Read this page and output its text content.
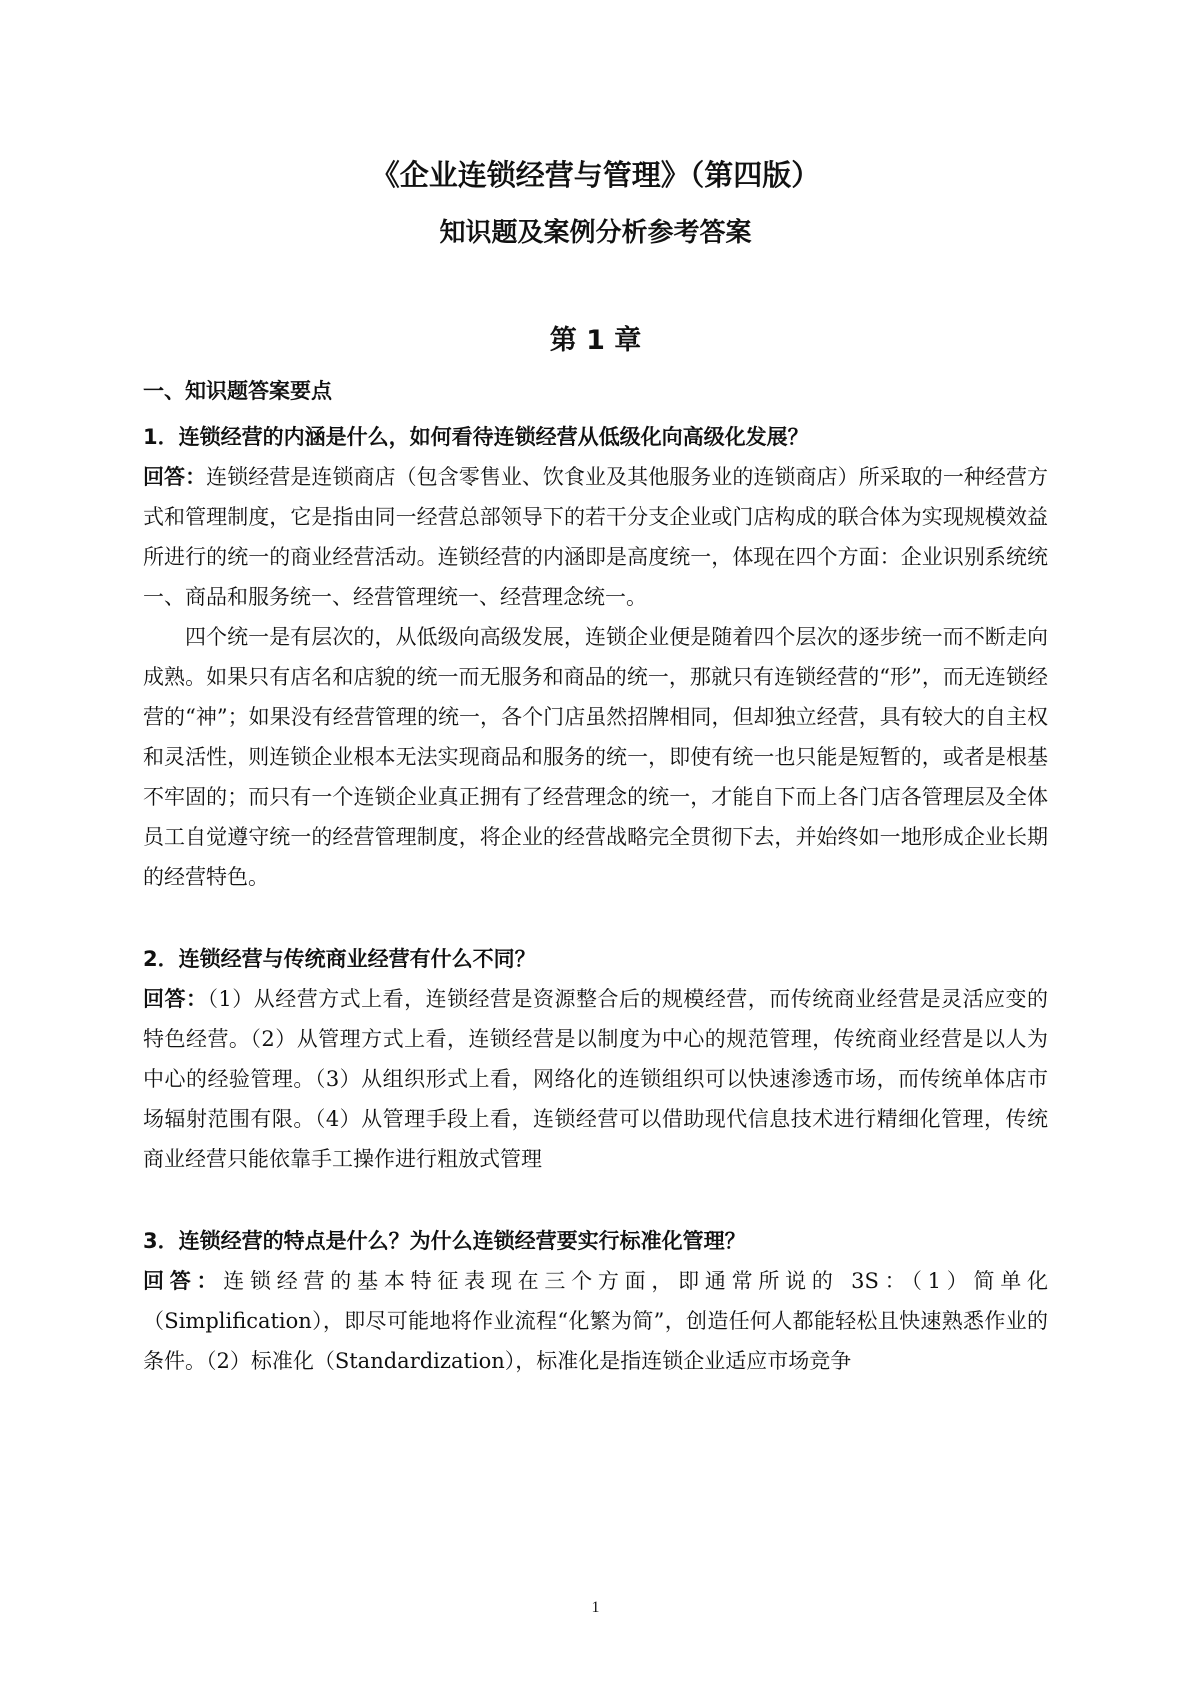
《企业连锁经营与管理》（第四版）
知识题及案例分析参考答案
第 1 章
一、知识题答案要点
1．连锁经营的内涵是什么，如何看待连锁经营从低级化向高级化发展？

回答：连锁经营是连锁商店（包含零售业、饮食业及其他服务业的连锁商店）所采取的一种经营方式和管理制度，它是指由同一经营总部领导下的若干分支企业或门店构成的联合体为实现规模效益所进行的统一的商业经营活动。连锁经营的内涵即是高度统一，体现在四个方面：企业识别系统统一、商品和服务统一、经营管理统一、经营理念统一。

四个统一是有层次的，从低级向高级发展，连锁企业便是随着四个层次的逐步统一而不断走向成熟。如果只有店名和店貌的统一而无服务和商品的统一，那就只有连锁经营的“形”，而无连锁经营的“神”；如果没有经营管理的统一，各个门店虽然招牌相同，但却独立经营，具有较大的自主权和灵活性，则连锁企业根本无法实现商品和服务的统一，即使有统一也只能是短暂的，或者是根基不牢固的；而只有一个连锁企业真正拥有了经营理念的统一，才能自下而上各门店各管理层及全体员工自觉遵守统一的经营管理制度，将企业的经营战略完全贯彻下去，并始终如一地形成企业长期的经营特色。

2．连锁经营与传统商业经营有什么不同？

回答：（1）从经营方式上看，连锁经营是资源整合后的规模经营，而传统商业经营是灵活应变的特色经营。（2）从管理方式上看，连锁经营是以制度为中心的规范管理，传统商业经营是以人为中心的经验管理。（3）从组织形式上看，网络化的连锁组织可以快速渗透市场，而传统单体店市场辐射范围有限。（4）从管理手段上看，连锁经营可以借助现代信息技术进行精细化管理，传统商业经营只能依靠手工操作进行粗放式管理

3．连锁经营的特点是什么？为什么连锁经营要实行标准化管理？

回答：连锁经营的基本特征表现在三个方面，即通常所说的 3S：（1）简单化（Simplification），即尽可能地将作业流程“化繁为简”，创造任何人都能轻松且快速熟悉作业的条件。（2）标准化（Standardization），标准化是指连锁企业适应市场竞争

1
